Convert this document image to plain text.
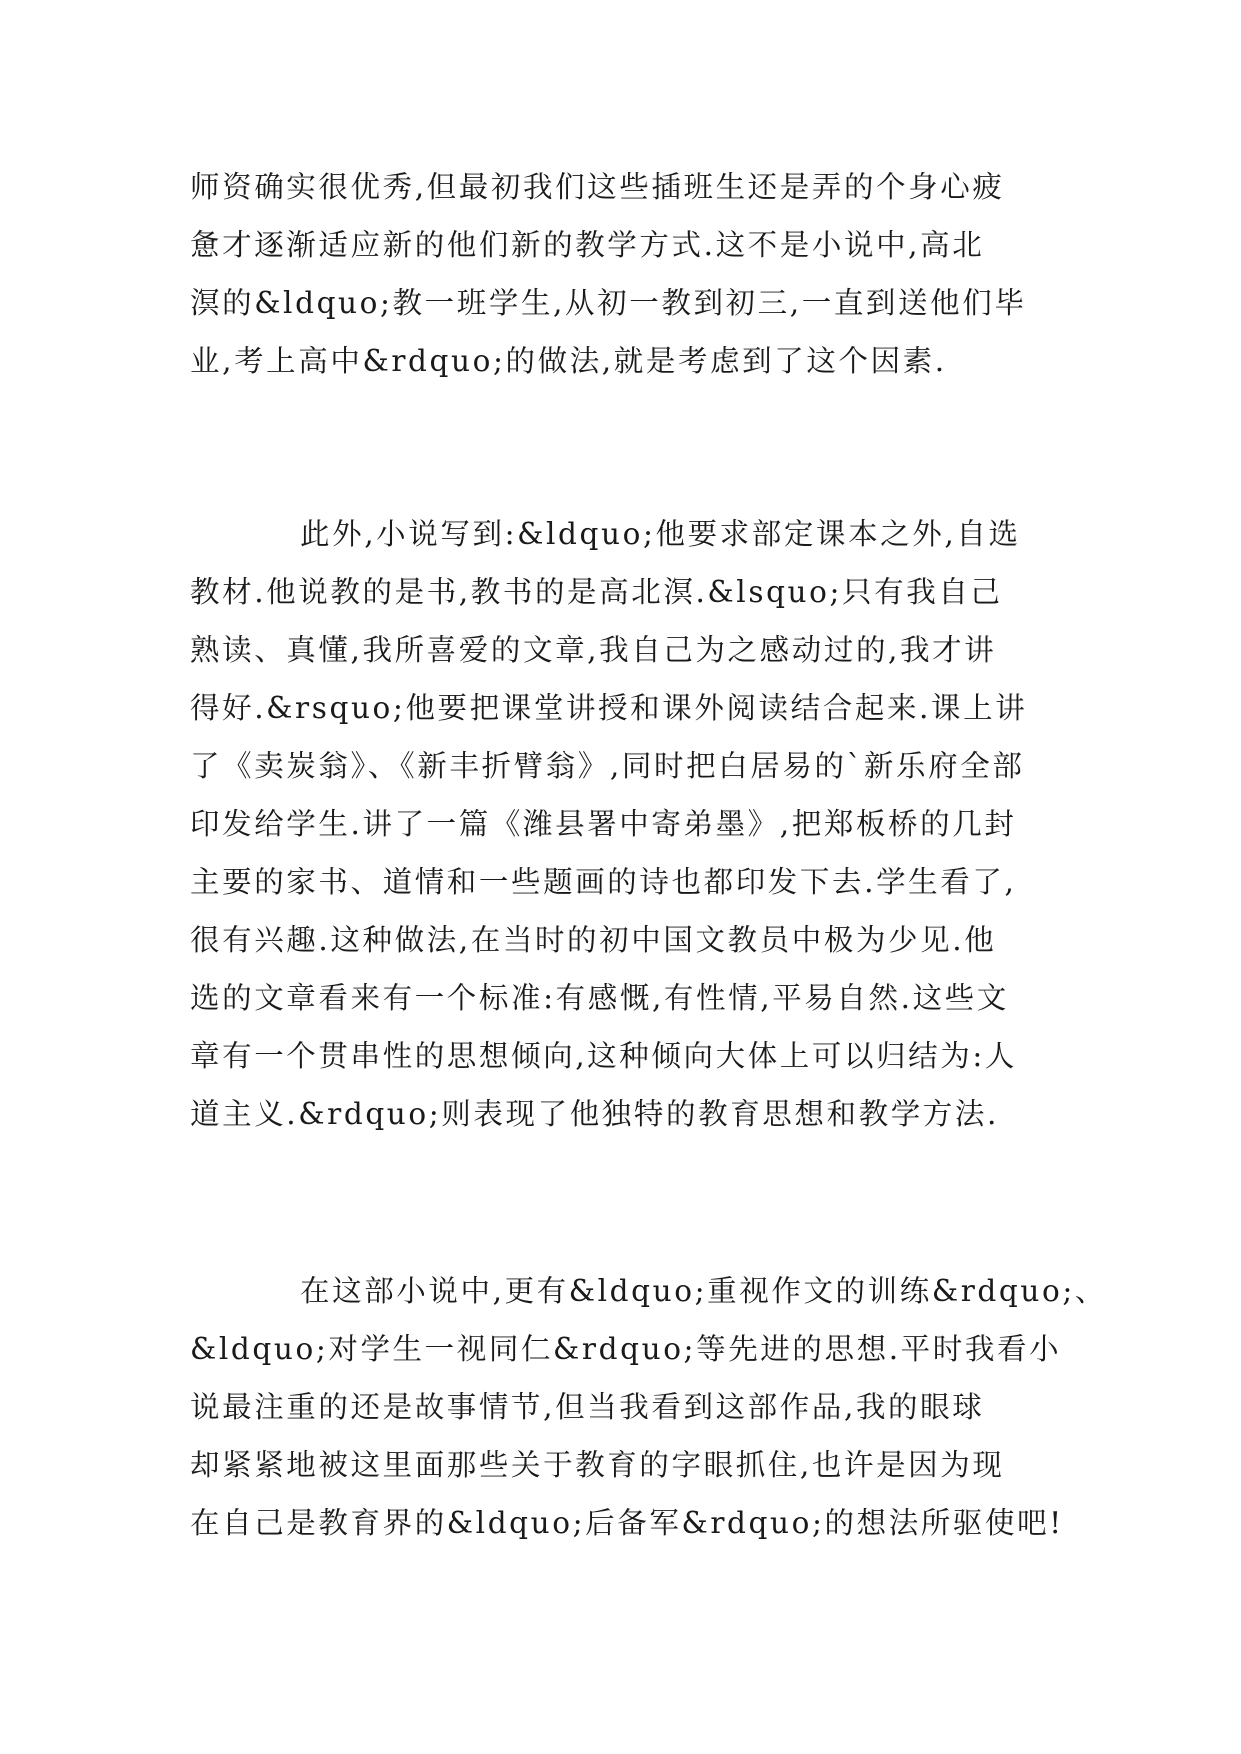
师资确实很优秀,但最初我们这些插班生还是弄的个身心疲
惫才逐渐适应新的他们新的教学方式.这不是小说中,高北
溟的&ldquo;教一班学生,从初一教到初三,一直到送他们毕
业,考上高中&rdquo;的做法,就是考虑到了这个因素.
此外,小说写到:&ldquo;他要求部定课本之外,自选
教材.他说教的是书,教书的是高北溟.&lsquo;只有我自己
熟读、真懂,我所喜爱的文章,我自己为之感动过的,我才讲
得好.&rsquo;他要把课堂讲授和课外阅读结合起来.课上讲
了《卖炭翁》、《新丰折臂翁》,同时把白居易的`新乐府全部
印发给学生.讲了一篇《潍县署中寄弟墨》,把郑板桥的几封
主要的家书、道情和一些题画的诗也都印发下去.学生看了,
很有兴趣.这种做法,在当时的初中国文教员中极为少见.他
选的文章看来有一个标准:有感慨,有性情,平易自然.这些文
章有一个贯串性的思想倾向,这种倾向大体上可以归结为:人
道主义.&rdquo;则表现了他独特的教育思想和教学方法.
在这部小说中,更有&ldquo;重视作文的训练&rdquo;、
&ldquo;对学生一视同仁&rdquo;等先进的思想.平时我看小
说最注重的还是故事情节,但当我看到这部作品,我的眼球
却紧紧地被这里面那些关于教育的字眼抓住,也许是因为现
在自己是教育界的&ldquo;后备军&rdquo;的想法所驱使吧!
